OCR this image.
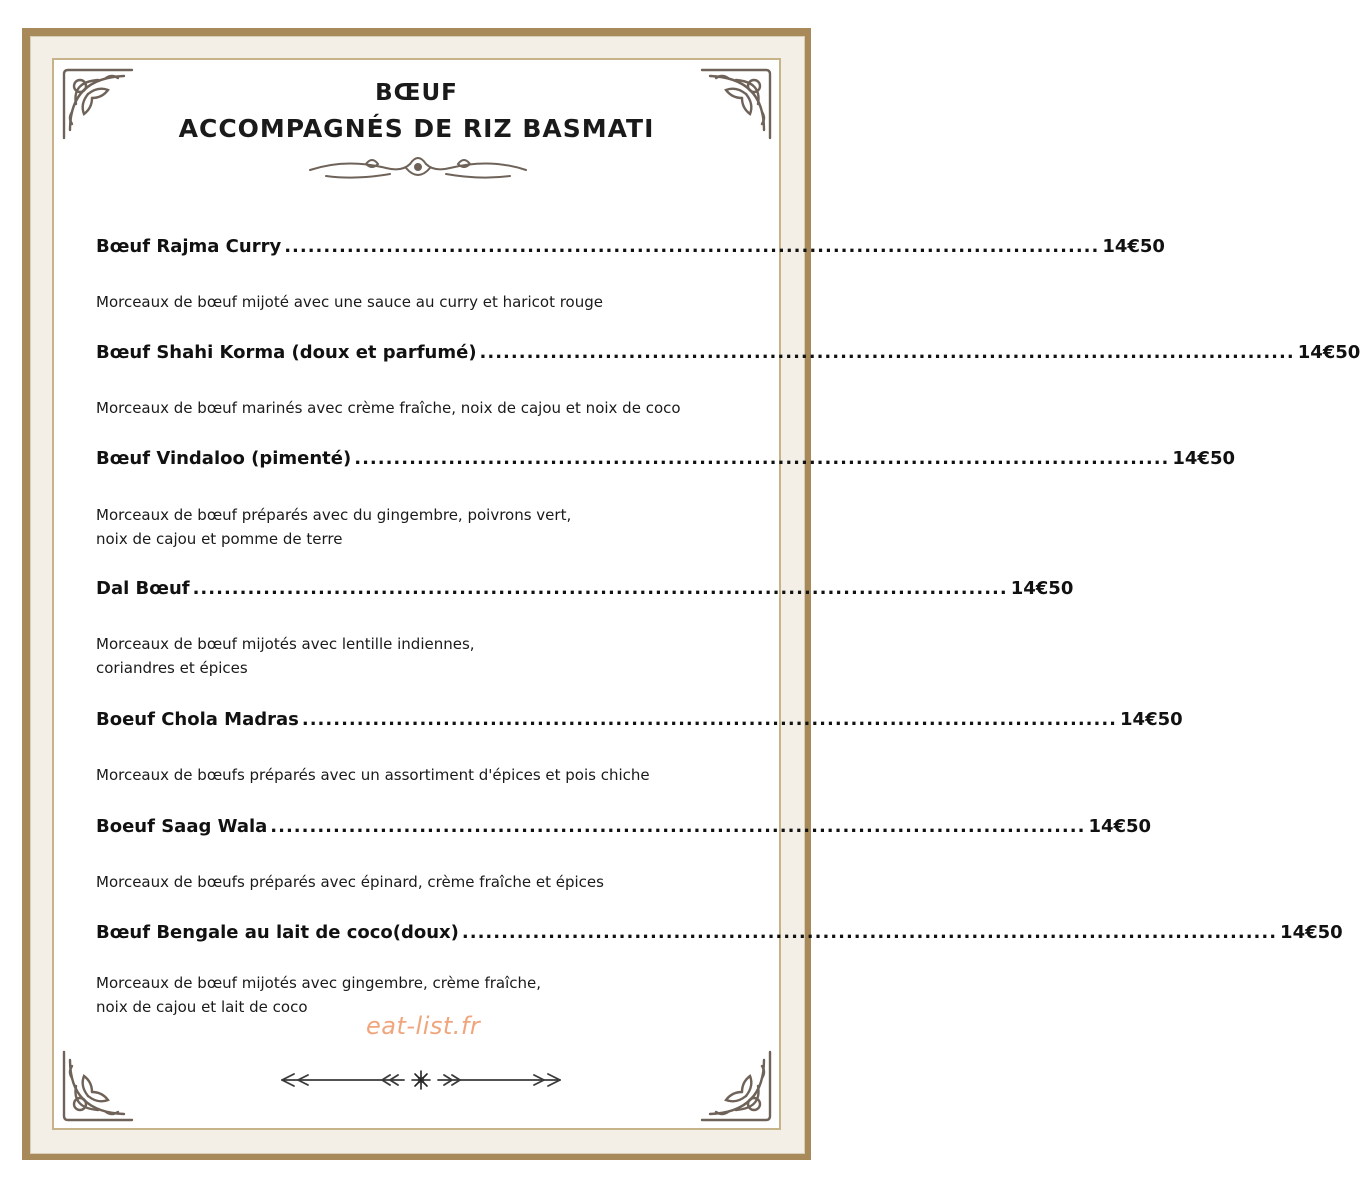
BŒUF
ACCOMPAGNÉS DE RIZ BASMATI
Bœuf Rajma Curry ........................................................................................................ 14€50
Morceaux de bœuf mijoté avec une sauce au curry et haricot rouge
Bœuf Shahi Korma (doux et parfumé) ........................................................................................................ 14€50
Morceaux de bœuf marinés avec crème fraîche, noix de cajou et noix de coco
Bœuf Vindaloo (pimenté) ........................................................................................................ 14€50
Morceaux de bœuf préparés avec du gingembre, poivrons vert,
noix de cajou et pomme de terre
Dal Bœuf ........................................................................................................ 14€50
Morceaux de bœuf mijotés avec lentille indiennes,
coriandres et épices
Boeuf Chola Madras ........................................................................................................ 14€50
Morceaux de bœufs préparés avec un assortiment d'épices et pois chiche
Boeuf Saag Wala ........................................................................................................ 14€50
Morceaux de bœufs préparés avec épinard, crème fraîche et épices
Bœuf Bengale au lait de coco(doux) ........................................................................................................ 14€50
Morceaux de bœuf mijotés avec gingembre, crème fraîche,
noix de cajou et lait de coco
eat-list.fr
